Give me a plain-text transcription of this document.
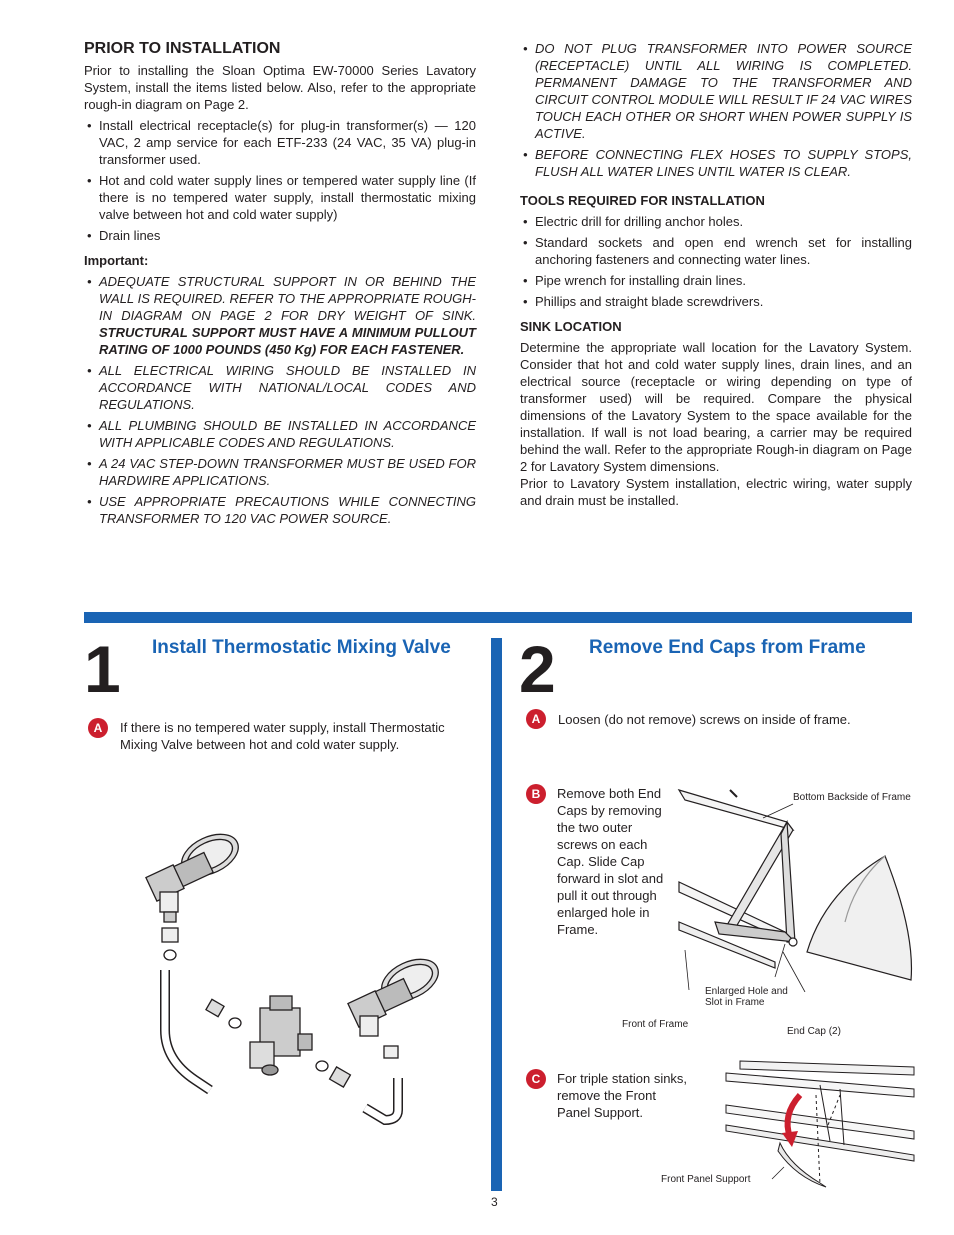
PRIOR TO INSTALLATION

Prior to installing the Sloan Optima EW-70000 Series Lavatory System, install the items listed below. Also, refer to the appropriate rough-in diagram on Page 2.

• Install electrical receptacle(s) for plug-in transformer(s) — 120 VAC, 2 amp service for each ETF-233 (24 VAC, 35 VA) plug-in transformer used.
• Hot and cold water supply lines or tempered water supply line (If there is no tempered water supply, install thermostatic mixing valve between hot and cold water supply)
• Drain lines
Important:
• ADEQUATE STRUCTURAL SUPPORT IN OR BEHIND THE WALL IS REQUIRED. REFER TO THE APPROPRIATE ROUGH-IN DIAGRAM ON PAGE 2 FOR DRY WEIGHT OF SINK. STRUCTURAL SUPPORT MUST HAVE A MINIMUM PULLOUT RATING OF 1000 POUNDS (450 Kg) FOR EACH FASTENER.
• ALL ELECTRICAL WIRING SHOULD BE INSTALLED IN ACCORDANCE WITH NATIONAL/LOCAL CODES AND REGULATIONS.
• ALL PLUMBING SHOULD BE INSTALLED IN ACCORDANCE WITH APPLICABLE CODES AND REGULATIONS.
• A 24 VAC STEP-DOWN TRANSFORMER MUST BE USED FOR HARDWIRE APPLICATIONS.
• USE APPROPRIATE PRECAUTIONS WHILE CONNECTING TRANSFORMER TO 120 VAC POWER SOURCE.
• DO NOT PLUG TRANSFORMER INTO POWER SOURCE (RECEPTACLE) UNTIL ALL WIRING IS COMPLETED. PERMANENT DAMAGE TO THE TRANSFORMER AND CIRCUIT CONTROL MODULE WILL RESULT IF 24 VAC WIRES TOUCH EACH OTHER OR SHORT WHEN POWER SUPPLY IS ACTIVE.
• BEFORE CONNECTING FLEX HOSES TO SUPPLY STOPS, FLUSH ALL WATER LINES UNTIL WATER IS CLEAR.
TOOLS REQUIRED FOR INSTALLATION
• Electric drill for drilling anchor holes.
• Standard sockets and open end wrench set for installing anchoring fasteners and connecting water lines.
• Pipe wrench for installing drain lines.
• Phillips and straight blade screwdrivers.
SINK LOCATION

Determine the appropriate wall location for the Lavatory System. Consider that hot and cold water supply lines, drain lines, and an electrical source (receptacle or wiring depending on type of transformer used) will be required. Compare the physical dimensions of the Lavatory System to the space available for the installation. If wall is not load bearing, a carrier may be required behind the wall. Refer to the appropriate Rough-in diagram on Page 2 for Lavatory System dimensions.

Prior to Lavatory System installation, electric wiring, water supply and drain must be installed.

1 Install Thermostatic Mixing Valve
A	If there is no tempered water supply, install Thermostatic Mixing Valve between hot and cold water supply.
2 Remove End Caps from Frame
A	Loosen (do not remove) screws on inside of frame.
B	Remove both End Caps by removing the two outer screws on each Cap. Slide Cap forward in slot and pull it out through enlarged hole in Frame.
Bottom Backside of Frame
Enlarged Hole and Slot in Frame
Front of Frame
End Cap (2)
C	For triple station sinks, remove the Front Panel Support.
Front Panel Support
3
